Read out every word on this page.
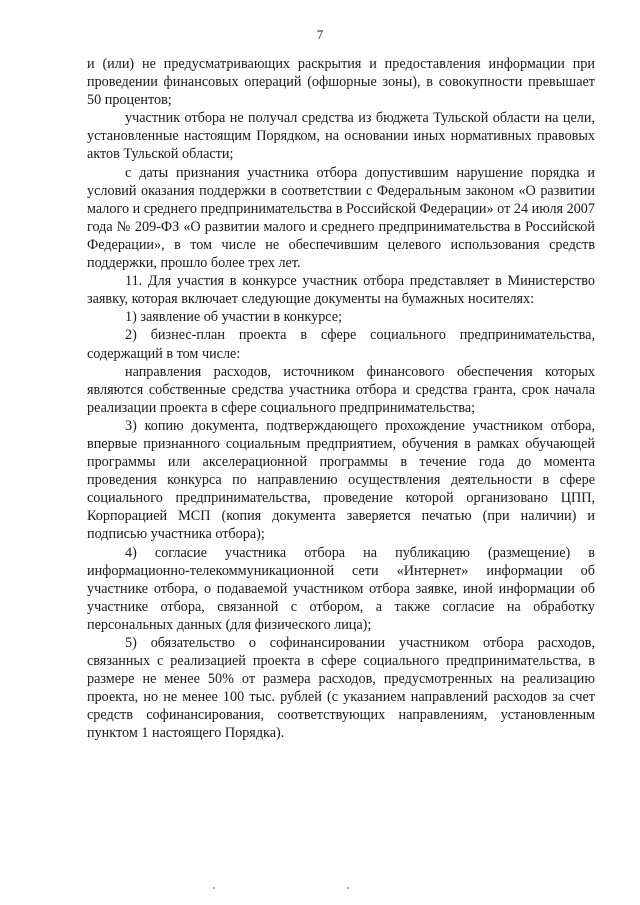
7

и (или) не предусматривающих раскрытия и предоставления информации при проведении финансовых операций (офшорные зоны), в совокупности превышает 50 процентов;

участник отбора не получал средства из бюджета Тульской области на цели, установленные настоящим Порядком, на основании иных нормативных правовых актов Тульской области;

с даты признания участника отбора допустившим нарушение порядка и условий оказания поддержки в соответствии с Федеральным законом «О развитии малого и среднего предпринимательства в Российской Федерации» от 24 июля 2007 года № 209-ФЗ «О развитии малого и среднего предпринимательства в Российской Федерации», в том числе не обеспечившим целевого использования средств поддержки, прошло более трех лет.

11. Для участия в конкурсе участник отбора представляет в Министерство заявку, которая включает следующие документы на бумажных носителях:

1) заявление об участии в конкурсе;

2) бизнес-план проекта в сфере социального предпринимательства, содержащий в том числе:

направления расходов, источником финансового обеспечения которых являются собственные средства участника отбора и средства гранта, срок начала реализации проекта в сфере социального предпринимательства;

3) копию документа, подтверждающего прохождение участником отбора, впервые признанного социальным предприятием, обучения в рамках обучающей программы или акселерационной программы в течение года до момента проведения конкурса по направлению осуществления деятельности в сфере социального предпринимательства, проведение которой организовано ЦПП, Корпорацией МСП (копия документа заверяется печатью (при наличии) и подписью участника отбора);

4) согласие участника отбора на публикацию (размещение) в информационно-телекоммуникационной сети «Интернет» информации об участнике отбора, о подаваемой участником отбора заявке, иной информации об участнике отбора, связанной с отбором, а также согласие на обработку персональных данных (для физического лица);

5) обязательство о софинансировании участником отбора расходов, связанных с реализацией проекта в сфере социального предпринимательства, в размере не менее 50% от размера расходов, предусмотренных на реализацию проекта, но не менее 100 тыс. рублей (с указанием направлений расходов за счет средств софинансирования, соответствующих направлениям, установленным пунктом 1 настоящего Порядка).
